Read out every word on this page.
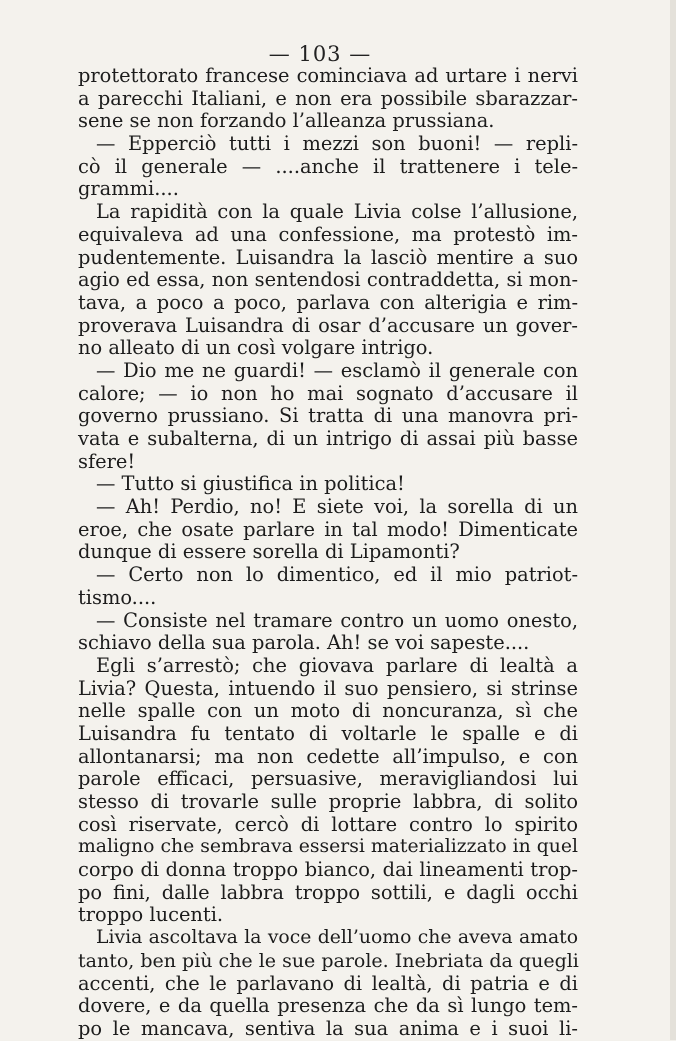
— 103 —
protettorato francese cominciava ad urtare i nervi
a parecchi Italiani, e non era possibile sbarazzar-
sene se non forzando l’alleanza prussiana.
— Epperciò tutti i mezzi son buoni! — repli-
cò il generale — ....anche il trattenere i tele-
grammi....
La rapidità con la quale Livia colse l’allusione,
equivaleva ad una confessione, ma protestò im-
pudentemente. Luisandra la lasciò mentire a suo
agio ed essa, non sentendosi contraddetta, si mon-
tava, a poco a poco, parlava con alterigia e rim-
proverava Luisandra di osar d’accusare un gover-
no alleato di un così volgare intrigo.
— Dio me ne guardi! — esclamò il generale con
calore; — io non ho mai sognato d’accusare il
governo prussiano. Si tratta di una manovra pri-
vata e subalterna, di un intrigo di assai più basse
sfere!
— Tutto si giustifica in politica!
— Ah! Perdio, no! E siete voi, la sorella di un
eroe, che osate parlare in tal modo! Dimenticate
dunque di essere sorella di Lipamonti?
— Certo non lo dimentico, ed il mio patriot-
tismo....
— Consiste nel tramare contro un uomo onesto,
schiavo della sua parola. Ah! se voi sapeste....
Egli s’arrestò; che giovava parlare di lealtà a
Livia? Questa, intuendo il suo pensiero, si strinse
nelle spalle con un moto di noncuranza, sì che
Luisandra fu tentato di voltarle le spalle e di
allontanarsi; ma non cedette all’impulso, e con
parole efficaci, persuasive, meravigliandosi lui
stesso di trovarle sulle proprie labbra, di solito
così riservate, cercò di lottare contro lo spirito
maligno che sembrava essersi materializzato in quel
corpo di donna troppo bianco, dai lineamenti trop-
po fini, dalle labbra troppo sottili, e dagli occhi
troppo lucenti.
Livia ascoltava la voce dell’uomo che aveva amato
tanto, ben più che le sue parole. Inebriata da quegli
accenti, che le parlavano di lealtà, di patria e di
dovere, e da quella presenza che da sì lungo tem-
po le mancava, sentiva la sua anima e i suoi li-
